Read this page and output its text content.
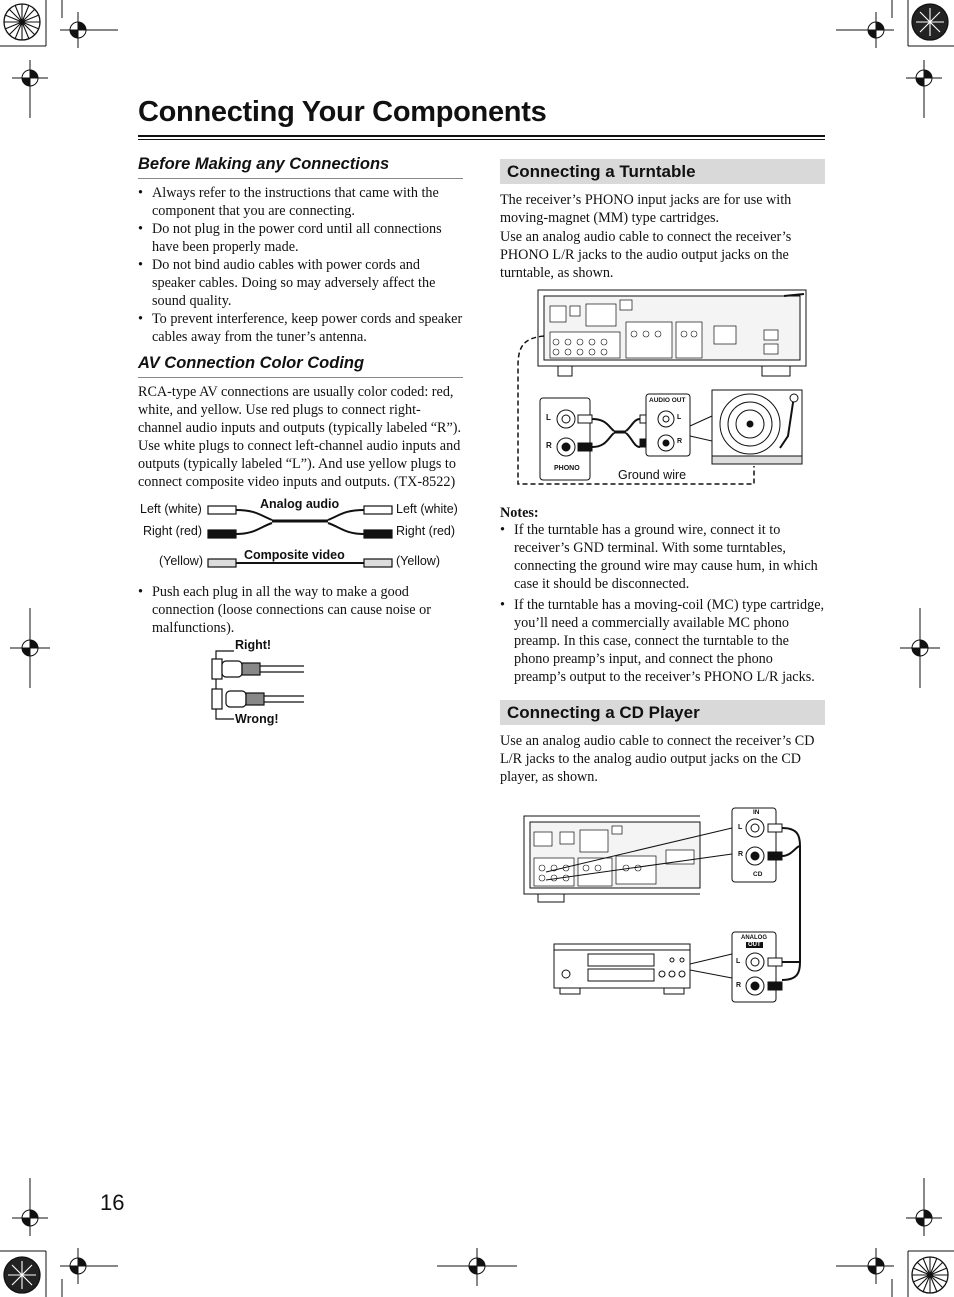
Connecting Your Components
Before Making any Connections
• Always refer to the instructions that came with the component that you are connecting.
• Do not plug in the power cord until all connections have been properly made.
• Do not bind audio cables with power cords and speaker cables. Doing so may adversely affect the sound quality.
• To prevent interference, keep power cords and speaker cables away from the tuner’s antenna.
AV Connection Color Coding
RCA-type AV connections are usually color coded: red, white, and yellow. Use red plugs to connect right-channel audio inputs and outputs (typically labeled “R”). Use white plugs to connect left-channel audio inputs and outputs (typically labeled “L”). And use yellow plugs to connect composite video inputs and outputs. (TX-8522)
Analog audio
Composite video
Left (white)
Right (red)
(Yellow)
Left (white)
Right (red)
(Yellow)
• Push each plug in all the way to make a good connection (loose connections can cause noise or malfunctions).
Right!
Wrong!
Connecting a Turntable
The receiver’s PHONO input jacks are for use with moving-magnet (MM) type cartridges.
Use an analog audio cable to connect the receiver’s PHONO L/R jacks to the audio output jacks on the turntable, as shown.
PHONO
L
R
AUDIO OUT
L
R
Ground wire
Notes:
• If the turntable has a ground wire, connect it to receiver’s GND terminal. With some turntables, connecting the ground wire may cause hum, in which case it should be disconnected.
• If the turntable has a moving-coil (MC) type cartridge, you’ll need a commercially available MC phono preamp. In this case, connect the turntable to the phono preamp’s input, and connect the phono preamp’s output to the receiver’s PHONO L/R jacks.
Connecting a CD Player
Use an analog audio cable to connect the receiver’s CD L/R jacks to the analog audio output jacks on the CD player, as shown.
IN
L
R
CD
ANALOG
OUT
L
R
16
